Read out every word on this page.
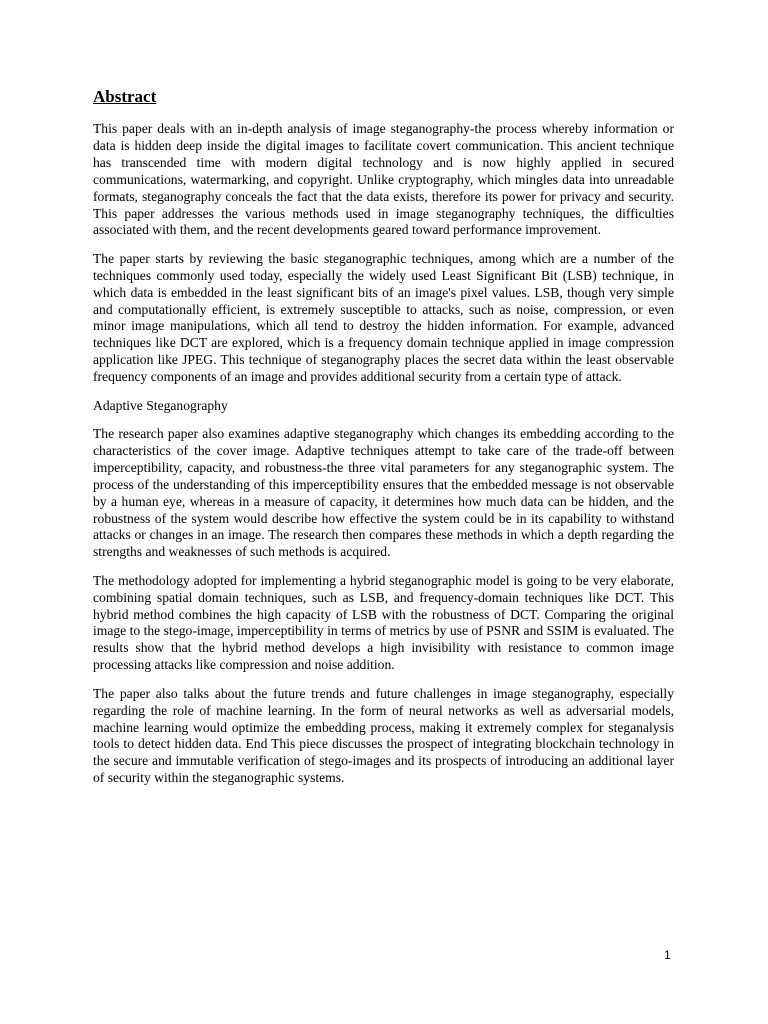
Abstract

This paper deals with an in-depth analysis of image steganography-the process whereby information or data is hidden deep inside the digital images to facilitate covert communication. This ancient technique has transcended time with modern digital technology and is now highly applied in secured communications, watermarking, and copyright. Unlike cryptography, which mingles data into unreadable formats, steganography conceals the fact that the data exists, therefore its power for privacy and security. This paper addresses the various methods used in image steganography techniques, the difficulties associated with them, and the recent developments geared toward performance improvement.

The paper starts by reviewing the basic steganographic techniques, among which are a number of the techniques commonly used today, especially the widely used Least Significant Bit (LSB) technique, in which data is embedded in the least significant bits of an image's pixel values. LSB, though very simple and computationally efficient, is extremely susceptible to attacks, such as noise, compression, or even minor image manipulations, which all tend to destroy the hidden information. For example, advanced techniques like DCT are explored, which is a frequency domain technique applied in image compression application like JPEG. This technique of steganography places the secret data within the least observable frequency components of an image and provides additional security from a certain type of attack.

Adaptive Steganography

The research paper also examines adaptive steganography which changes its embedding according to the characteristics of the cover image. Adaptive techniques attempt to take care of the trade-off between imperceptibility, capacity, and robustness-the three vital parameters for any steganographic system. The process of the understanding of this imperceptibility ensures that the embedded message is not observable by a human eye, whereas in a measure of capacity, it determines how much data can be hidden, and the robustness of the system would describe how effective the system could be in its capability to withstand attacks or changes in an image. The research then compares these methods in which a depth regarding the strengths and weaknesses of such methods is acquired.

The methodology adopted for implementing a hybrid steganographic model is going to be very elaborate, combining spatial domain techniques, such as LSB, and frequency-domain techniques like DCT. This hybrid method combines the high capacity of LSB with the robustness of DCT. Comparing the original image to the stego-image, imperceptibility in terms of metrics by use of PSNR and SSIM is evaluated. The results show that the hybrid method develops a high invisibility with resistance to common image processing attacks like compression and noise addition.

The paper also talks about the future trends and future challenges in image steganography, especially regarding the role of machine learning. In the form of neural networks as well as adversarial models, machine learning would optimize the embedding process, making it extremely complex for steganalysis tools to detect hidden data. End This piece discusses the prospect of integrating blockchain technology in the secure and immutable verification of stego-images and its prospects of introducing an additional layer of security within the steganographic systems.

1
